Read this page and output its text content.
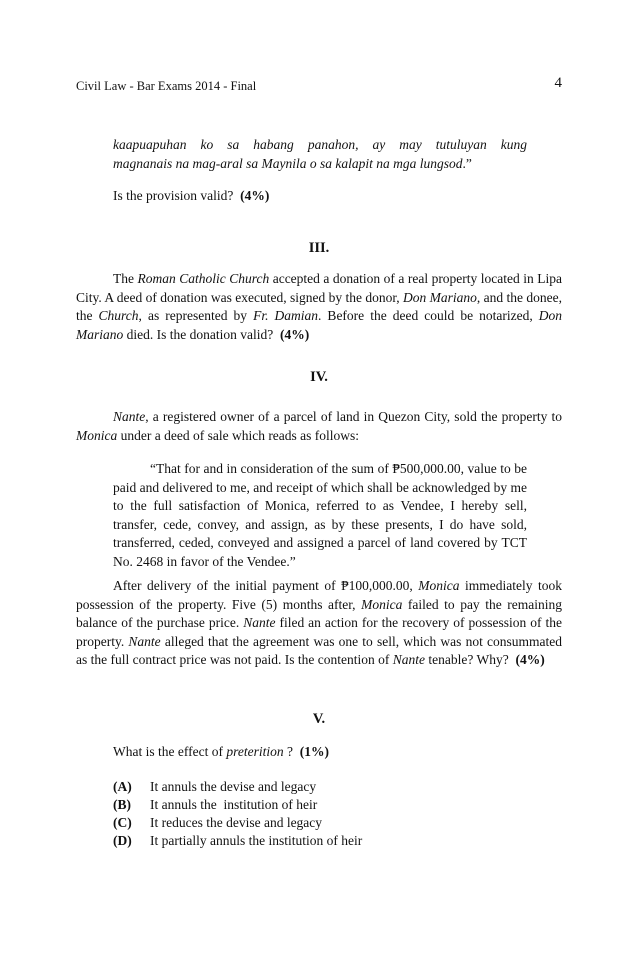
Civil Law - Bar Exams 2014 - Final	4
kaapuapuhan ko sa habang panahon, ay may tutuluyan kung
magnanais na mag-aral sa Maynila o sa kalapit na mga lungsod.”
Is the provision valid? (4%)
III.
The Roman Catholic Church accepted a donation of a real property located in Lipa City. A deed of donation was executed, signed by the donor, Don Mariano, and the donee, the Church, as represented by Fr. Damian. Before the deed could be notarized, Don Mariano died. Is the donation valid? (4%)
IV.
Nante, a registered owner of a parcel of land in Quezon City, sold the property to Monica under a deed of sale which reads as follows:
“That for and in consideration of the sum of ₱500,000.00, value to be paid and delivered to me, and receipt of which shall be acknowledged by me to the full satisfaction of Monica, referred to as Vendee, I hereby sell, transfer, cede, convey, and assign, as by these presents, I do have sold, transferred, ceded, conveyed and assigned a parcel of land covered by TCT No. 2468 in favor of the Vendee.”
After delivery of the initial payment of ₱100,000.00, Monica immediately took possession of the property. Five (5) months after, Monica failed to pay the remaining balance of the purchase price. Nante filed an action for the recovery of possession of the property. Nante alleged that the agreement was one to sell, which was not consummated as the full contract price was not paid. Is the contention of Nante tenable? Why? (4%)
V.
What is the effect of preterition ? (1%)
(A) It annuls the devise and legacy
(B) It annuls the  institution of heir
(C) It reduces the devise and legacy
(D) It partially annuls the institution of heir
